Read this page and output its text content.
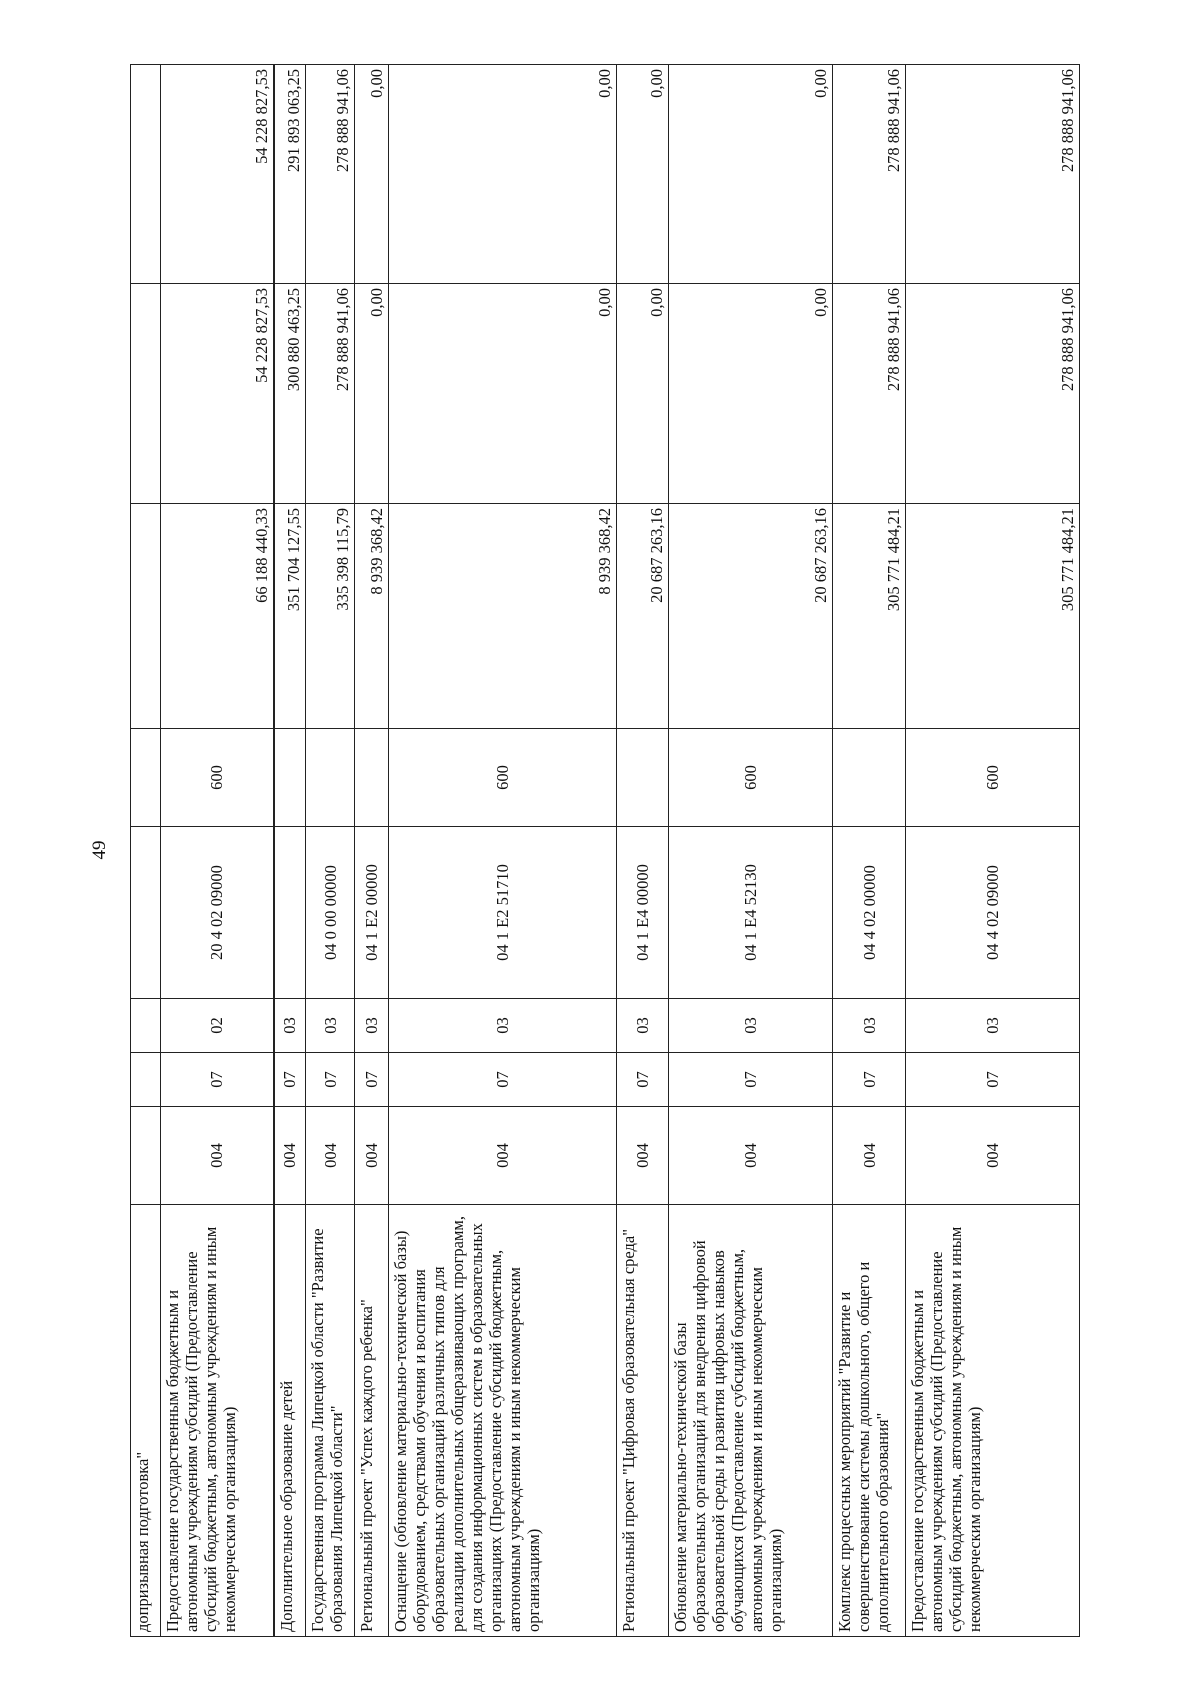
49
допризывная подготовка"								
Предоставление государственным бюджетным и автономным учреждениям субсидий (Предоставление субсидий бюджетным, автономным учреждениям и иным некоммерческим организациям)	004	07	02	20 4 02 09000	600	66 188 440,33	54 228 827,53	54 228 827,53
Дополнительное образование детей	004	07	03			351 704 127,55	300 880 463,25	291 893 063,25
Государственная программа Липецкой области "Развитие образования Липецкой области"	004	07	03	04 0 00 00000		335 398 115,79	278 888 941,06	278 888 941,06
Региональный проект "Успех каждого ребенка"	004	07	03	04 1 E2 00000		8 939 368,42	0,00	0,00
Оснащение (обновление материально-технической базы) оборудованием, средствами обучения и воспитания образовательных организаций различных типов для реализации дополнительных общеразвивающих программ, для создания информационных систем в образовательных организациях (Предоставление субсидий бюджетным, автономным учреждениям и иным некоммерческим организациям)	004	07	03	04 1 E2 51710	600	8 939 368,42	0,00	0,00
Региональный проект "Цифровая образовательная среда"	004	07	03	04 1 E4 00000		20 687 263,16	0,00	0,00
Обновление материально-технической базы образовательных организаций для внедрения цифровой образовательной среды и развития цифровых навыков обучающихся (Предоставление субсидий бюджетным, автономным учреждениям и иным некоммерческим организациям)	004	07	03	04 1 E4 52130	600	20 687 263,16	0,00	0,00
Комплекс процессных мероприятий "Развитие и совершенствование системы дошкольного, общего и дополнительного образования"	004	07	03	04 4 02 00000		305 771 484,21	278 888 941,06	278 888 941,06
Предоставление государственным бюджетным и автономным учреждениям субсидий (Предоставление субсидий бюджетным, автономным учреждениям и иным некоммерческим организациям)	004	07	03	04 4 02 09000	600	305 771 484,21	278 888 941,06	278 888 941,06
